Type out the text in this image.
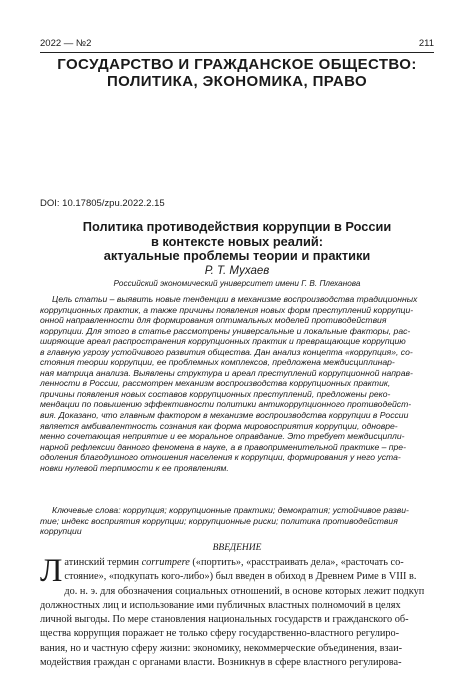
2022 — №2	211
ГОСУДАРСТВО И ГРАЖДАНСКОЕ ОБЩЕСТВО:
ПОЛИТИКА, ЭКОНОМИКА, ПРАВО
DOI: 10.17805/zpu.2022.2.15
Политика противодействия коррупции в России
в контексте новых реалий:
актуальные проблемы теории и практики
Р. Т. Мухаев
Российский экономический университет имени Г. В. Плеханова
Цель статьи – выявить новые тенденции в механизме воспроизводства традиционных
коррупционных практик, а также причины появления новых форм преступлений коррупци-
онной направленности для формирования оптимальных моделей противодействия
коррупции. Для этого в статье рассмотрены универсальные и локальные факторы, рас-
ширяющие ареал распространения коррупционных практик и превращающие коррупцию
в главную угрозу устойчивого развития общества. Дан анализ концепта «коррупция», со-
стояния теории коррупции, ее проблемных комплексов, предложена междисциплинар-
ная матрица анализа. Выявлены структура и ареал преступлений коррупционной направ-
ленности в России, рассмотрен механизм воспроизводства коррупционных практик,
причины появления новых составов коррупционных преступлений, предложены реко-
мендации по повышению эффективности политики антикоррупционного противодейст-
вия. Доказано, что главным фактором в механизме воспроизводства коррупции в России
является амбивалентность сознания как форма мировосприятия коррупции, одновре-
менно сочетающая неприятие и ее моральное оправдание. Это требует междисципли-
нарной рефлексии данного феномена в науке, а в правоприменительной практике – пре-
одоления благодушного отношения населения к коррупции, формирования у него уста-
новки нулевой терпимости к ее проявлениям.
Ключевые слова: коррупция; коррупционные практики; демократия; устойчивое разви-
тие; индекс восприятия коррупции; коррупционные риски; политика противодействия
коррупции
ВВЕДЕНИЕ
Л атинский термин corrumpere («портить», «расстраивать дела», «расточать со-
стояние», «подкупать кого-либо») был введен в обиход в Древнем Риме в VIII в.
до. н. э. для обозначения социальных отношений, в основе которых лежит подкуп
должностных лиц и использование ими публичных властных полномочий в целях
личной выгоды. По мере становления национальных государств и гражданского об-
щества коррупция поражает не только сферу государственно-властного регулиро-
вания, но и частную сферу жизни: экономику, некоммерческие объединения, взаи-
модействия граждан с органами власти. Возникнув в сфере властного регулирова-
